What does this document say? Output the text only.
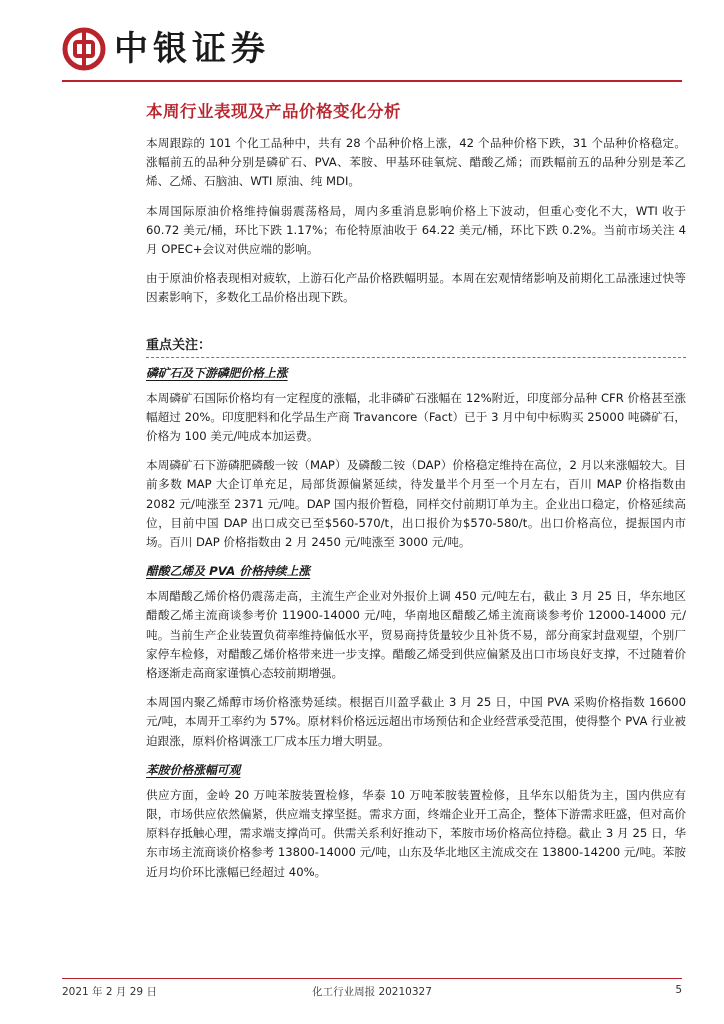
中银证券
本周行业表现及产品价格变化分析

本周跟踪的 101 个化工品种中，共有 28 个品种价格上涨，42 个品种价格下跌，31 个品种价格稳定。涨幅前五的品种分别是磷矿石、PVA、苯胺、甲基环硅氧烷、醋酸乙烯；而跌幅前五的品种分别是苯乙烯、乙烯、石脑油、WTI 原油、纯 MDI。

本周国际原油价格维持偏弱震荡格局，周内多重消息影响价格上下波动，但重心变化不大，WTI 收于 60.72 美元/桶，环比下跌 1.17%；布伦特原油收于 64.22 美元/桶，环比下跌 0.2%。当前市场关注 4 月 OPEC+会议对供应端的影响。

由于原油价格表现相对疲软，上游石化产品价格跌幅明显。本周在宏观情绪影响及前期化工品涨速过快等因素影响下，多数化工品价格出现下跌。

重点关注：
磷矿石及下游磷肥价格上涨

本周磷矿石国际价格均有一定程度的涨幅，北非磷矿石涨幅在 12%附近，印度部分品种 CFR 价格甚至涨幅超过 20%。印度肥料和化学品生产商 Travancore（Fact）已于 3 月中旬中标购买 25000 吨磷矿石，价格为 100 美元/吨成本加运费。

本周磷矿石下游磷肥磷酸一铵（MAP）及磷酸二铵（DAP）价格稳定维持在高位，2 月以来涨幅较大。目前多数 MAP 大企订单充足，局部货源偏紧延续，待发量半个月至一个月左右，百川 MAP 价格指数由 2082 元/吨涨至 2371 元/吨。DAP 国内报价暂稳，同样交付前期订单为主。企业出口稳定，价格延续高位，目前中国 DAP 出口成交已至$560-570/t，出口报价为$570-580/t。出口价格高位，提振国内市场。百川 DAP 价格指数由 2 月 2450 元/吨涨至 3000 元/吨。

醋酸乙烯及 PVA 价格持续上涨

本周醋酸乙烯价格仍震荡走高，主流生产企业对外报价上调 450 元/吨左右，截止 3 月 25 日，华东地区醋酸乙烯主流商谈参考价 11900-14000 元/吨，华南地区醋酸乙烯主流商谈参考价 12000-14000 元/吨。当前生产企业装置负荷率维持偏低水平，贸易商持货量较少且补货不易，部分商家封盘观望，个别厂家停车检修，对醋酸乙烯价格带来进一步支撑。醋酸乙烯受到供应偏紧及出口市场良好支撑，不过随着价格逐渐走高商家谨慎心态较前期增强。

本周国内聚乙烯醇市场价格涨势延续。根据百川盈孚截止 3 月 25 日，中国 PVA 采购价格指数 16600 元/吨，本周开工率约为 57%。原材料价格远远超出市场预估和企业经营承受范围，使得整个 PVA 行业被迫跟涨，原料价格调涨工厂成本压力增大明显。

苯胺价格涨幅可观

供应方面，金岭 20 万吨苯胺装置检修，华泰 10 万吨苯胺装置检修，且华东以船货为主，国内供应有限，市场供应依然偏紧，供应端支撑坚挺。需求方面，终端企业开工高企，整体下游需求旺盛，但对高价原料存抵触心理，需求端支撑尚可。供需关系利好推动下，苯胺市场价格高位持稳。截止 3 月 25 日，华东市场主流商谈价格参考 13800-14000 元/吨，山东及华北地区主流成交在 13800-14200 元/吨。苯胺近月均价环比涨幅已经超过 40%。

2021 年 2 月 29 日	化工行业周报 20210327	5
